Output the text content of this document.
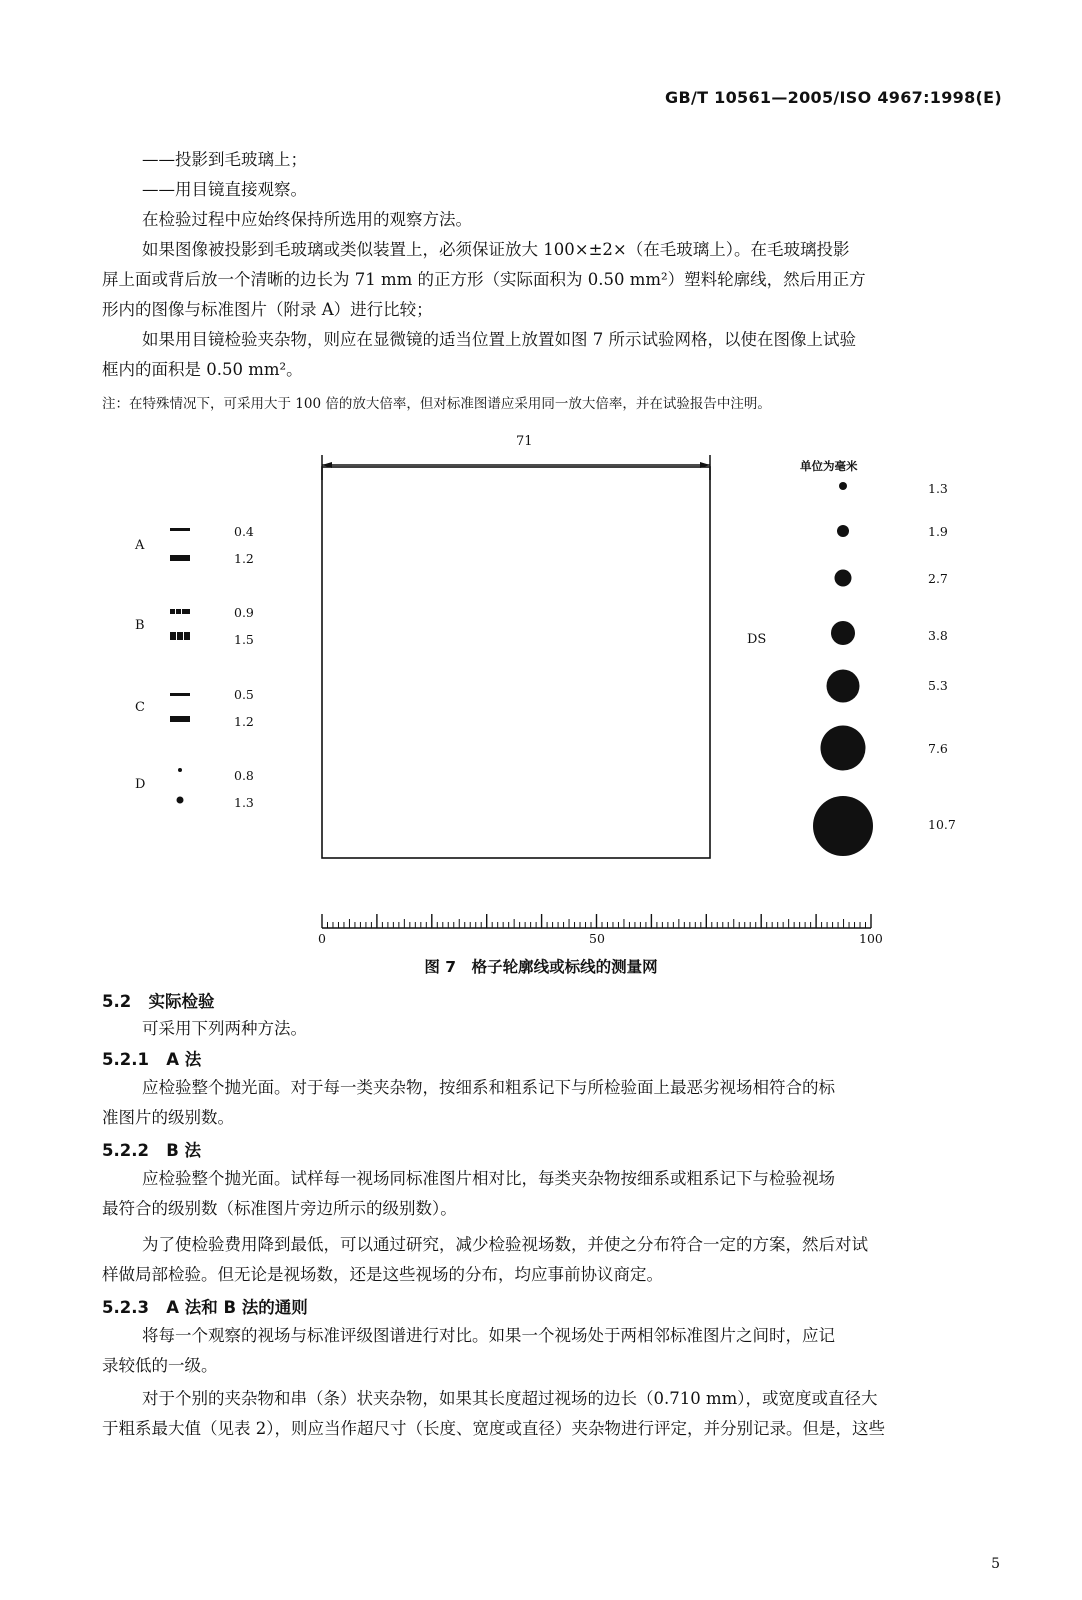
GB/T 10561—2005/ISO 4967:1998(E)
——投影到毛玻璃上；
——用目镜直接观察。
在检验过程中应始终保持所选用的观察方法。
如果图像被投影到毛玻璃或类似装置上，必须保证放大 100×±2×（在毛玻璃上）。在毛玻璃投影
屏上面或背后放一个清晰的边长为 71 mm 的正方形（实际面积为 0.50 mm²）塑料轮廓线，然后用正方
形内的图像与标准图片（附录 A）进行比较；
如果用目镜检验夹杂物，则应在显微镜的适当位置上放置如图 7 所示试验网格，以使在图像上试验
框内的面积是 0.50 mm²。
注：在特殊情况下，可采用大于 100 倍的放大倍率，但对标准图谱应采用同一放大倍率，并在试验报告中注明。
71
单位为毫米
A
0.4
1.2
B
0.9
1.5
C
0.5
1.2
D
0.8
1.3
DS
1.3
1.9
2.7
3.8
5.3
7.6
10.7
0	50	100
图 7　格子轮廓线或标线的测量网
5.2 实际检验
可采用下列两种方法。
5.2.1 A 法
应检验整个抛光面。对于每一类夹杂物，按细系和粗系记下与所检验面上最恶劣视场相符合的标
准图片的级别数。
5.2.2 B 法
应检验整个抛光面。试样每一视场同标准图片相对比，每类夹杂物按细系或粗系记下与检验视场
最符合的级别数（标准图片旁边所示的级别数）。
为了使检验费用降到最低，可以通过研究，减少检验视场数，并使之分布符合一定的方案，然后对试
样做局部检验。但无论是视场数，还是这些视场的分布，均应事前协议商定。
5.2.3 A 法和 B 法的通则
将每一个观察的视场与标准评级图谱进行对比。如果一个视场处于两相邻标准图片之间时，应记
录较低的一级。
对于个别的夹杂物和串（条）状夹杂物，如果其长度超过视场的边长（0.710 mm），或宽度或直径大
于粗系最大值（见表 2），则应当作超尺寸（长度、宽度或直径）夹杂物进行评定，并分别记录。但是，这些
5
